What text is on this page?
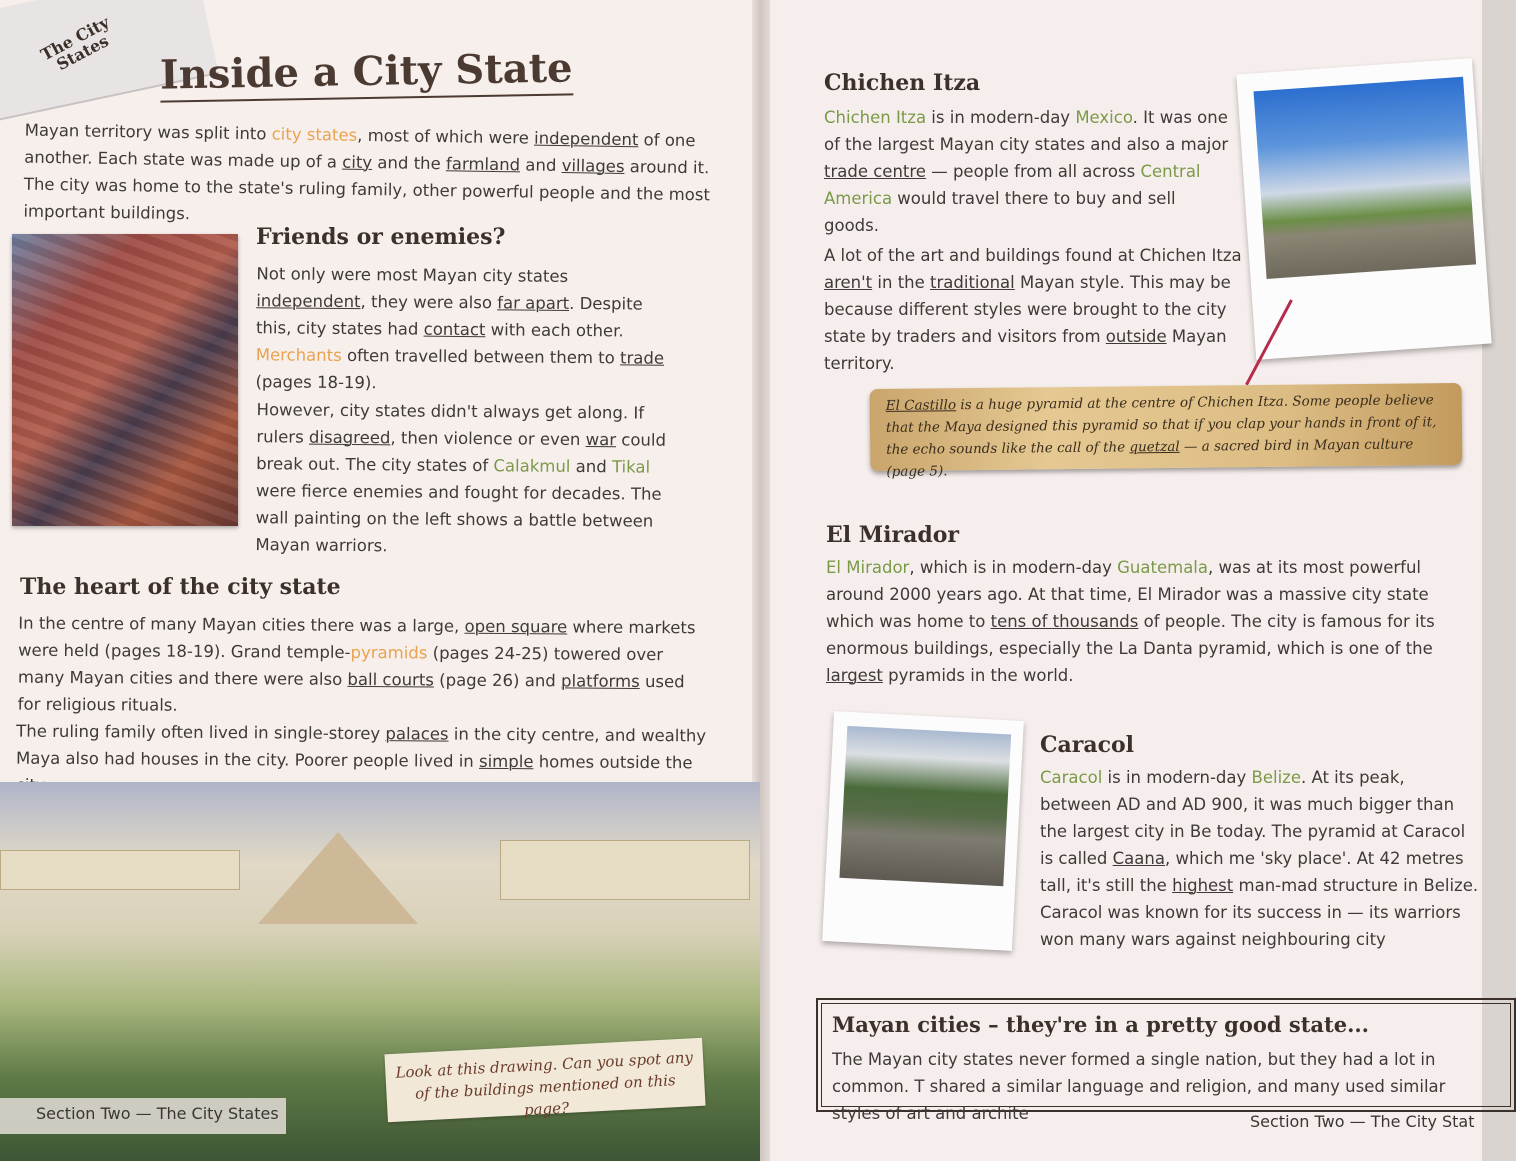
The City States	Inside a City State
Mayan territory was split into city states, most of which were independent of one another. Each state was made up of a city and the farmland and villages around it. The city was home to the state's ruling family, other powerful people and the most important buildings.
Friends or enemies?
Not only were most Mayan city states independent, they were also far apart. Despite this, city states had contact with each other. Merchants often travelled between them to trade (pages 18-19).
However, city states didn't always get along. If rulers disagreed, then violence or even war could break out. The city states of Calakmul and Tikal were fierce enemies and fought for decades. The wall painting on the left shows a battle between Mayan warriors.
The heart of the city state
In the centre of many Mayan cities there was a large, open square where markets were held (pages 18-19). Grand temple-pyramids (pages 24-25) towered over many Mayan cities and there were also ball courts (page 26) and platforms used for religious rituals.
The ruling family often lived in single-storey palaces in the city centre, and wealthy Maya also had houses in the city. Poorer people lived in simple homes outside the
Look at this drawing. Can you spot any of the buildings mentioned on this page?
Section Two — The City States
Chichen Itza
Chichen Itza is in modern-day Mexico. It was one of the largest Mayan city states and also a major trade centre — people from all across Central America would travel there to buy and sell goods.
A lot of the art and buildings found at Chichen Itza aren't in the traditional Mayan style. This may be because different styles were brought to the city state by traders and visitors from outside Mayan territory.
El Castillo is a huge pyramid at the centre of Chichen Itza. Some people believe that the Maya designed this pyramid so that if you clap your hands in front of it, the echo sounds like the call of the quetzal — a sacred bird in Mayan culture (page 5).
El Mirador
El Mirador, which is in modern-day Guatemala, was at its most powerful around 2000 years ago. At that time, El Mirador was a massive city state which was home to tens of thousands of people. The city is famous for its enormous buildings, especially the La Danta pyramid, which is one of the largest pyramids in the world.
Caracol
Caracol is in modern-day Belize. At its peak, between AD and AD 900, it was much bigger than the largest city in Be today. The pyramid at Caracol is called Caana, which me 'sky place'. At 42 metres tall, it's still the highest man-mad structure in Belize. Caracol was known for its success in — its warriors won many wars against neighbouring city
Mayan cities – they're in a pretty good state...
The Mayan city states never formed a single nation, but they had a lot in common. T shared a similar language and religion, and many used similar styles of art and archite	Section Two — The City Stat
